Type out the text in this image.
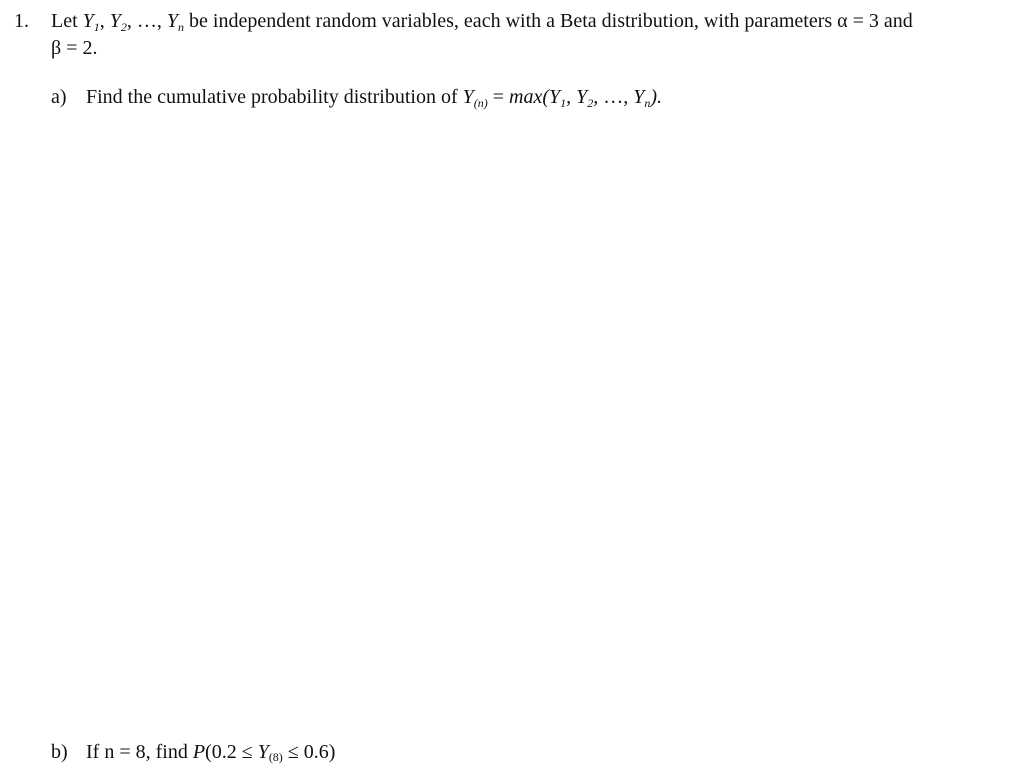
1. Let $Y_1$, $Y_2$, …, $Y_n$ be independent random variables, each with a Beta distribution, with parameters α = 3 and
β = 2.
a) Find the cumulative probability distribution of $Y_{(n)} = \max(Y_1$, $Y_2$, …, $Y_n$).
b) If n = 8, find P(0.2 ≤ Y(8) ≤ 0.6)
